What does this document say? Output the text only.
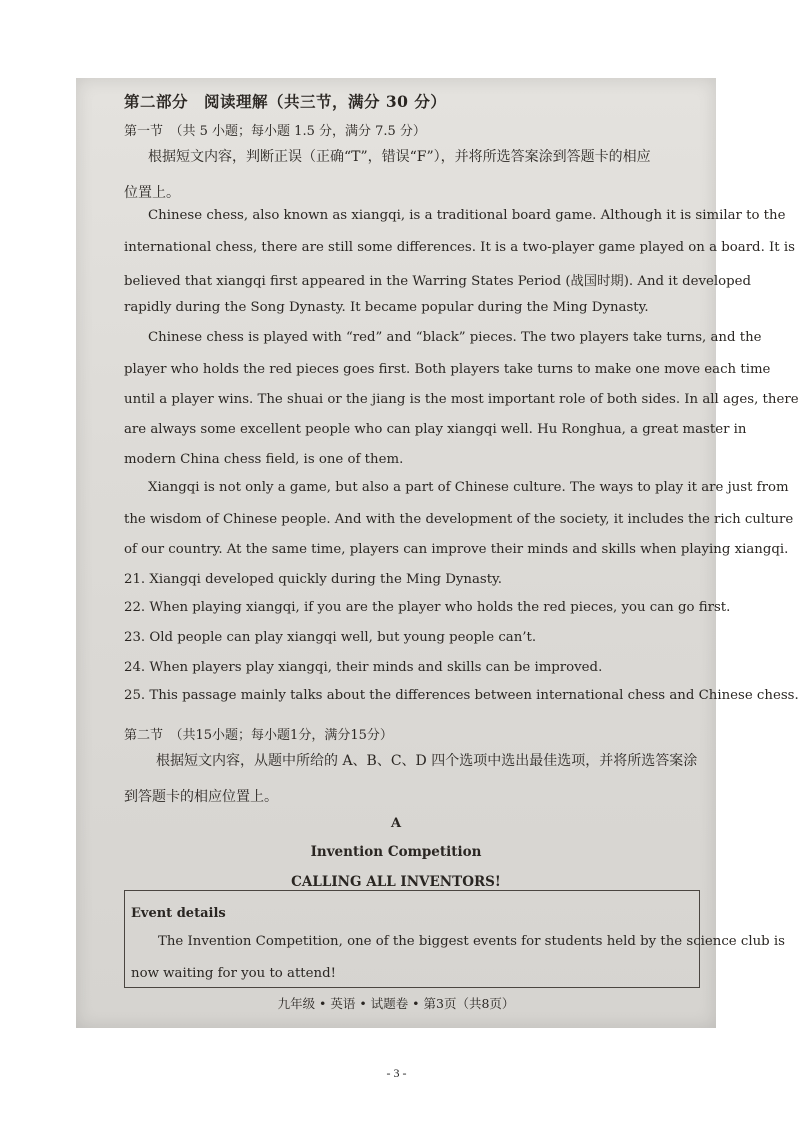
第二部分　阅读理解（共三节，满分 30 分）
第一节　（共 5 小题；每小题 1.5 分，满分 7.5 分）
根据短文内容，判断正误（正确“T”，错误“F”），并将所选答案涂到答题卡的相应
位置上。
Chinese chess, also known as xiangqi, is a traditional board game. Although it is similar to the
international chess, there are still some differences. It is a two-player game played on a board. It is
believed that xiangqi first appeared in the Warring States Period (战国时期). And it developed
rapidly during the Song Dynasty. It became popular during the Ming Dynasty.
Chinese chess is played with “red” and “black” pieces. The two players take turns, and the
player who holds the red pieces goes first. Both players take turns to make one move each time
until a player wins. The shuai or the jiang is the most important role of both sides. In all ages, there
are always some excellent people who can play xiangqi well. Hu Ronghua, a great master in
modern China chess field, is one of them.
Xiangqi is not only a game, but also a part of Chinese culture. The ways to play it are just from
the wisdom of Chinese people. And with the development of the society, it includes the rich culture
of our country. At the same time, players can improve their minds and skills when playing xiangqi.
21. Xiangqi developed quickly during the Ming Dynasty.
22. When playing xiangqi, if you are the player who holds the red pieces, you can go first.
23. Old people can play xiangqi well, but young people can’t.
24. When players play xiangqi, their minds and skills can be improved.
25. This passage mainly talks about the differences between international chess and Chinese chess.
第二节　（共15小题；每小题1分，满分15分）
根据短文内容，从题中所给的 A、B、C、D 四个选项中选出最佳选项，并将所选答案涂
到答题卡的相应位置上。
A
Invention Competition
CALLING ALL INVENTORS!
Event details
The Invention Competition, one of the biggest events for students held by the science club is
now waiting for you to attend!
九年级 • 英语 • 试题卷 • 第3页（共8页）
- 3 -
